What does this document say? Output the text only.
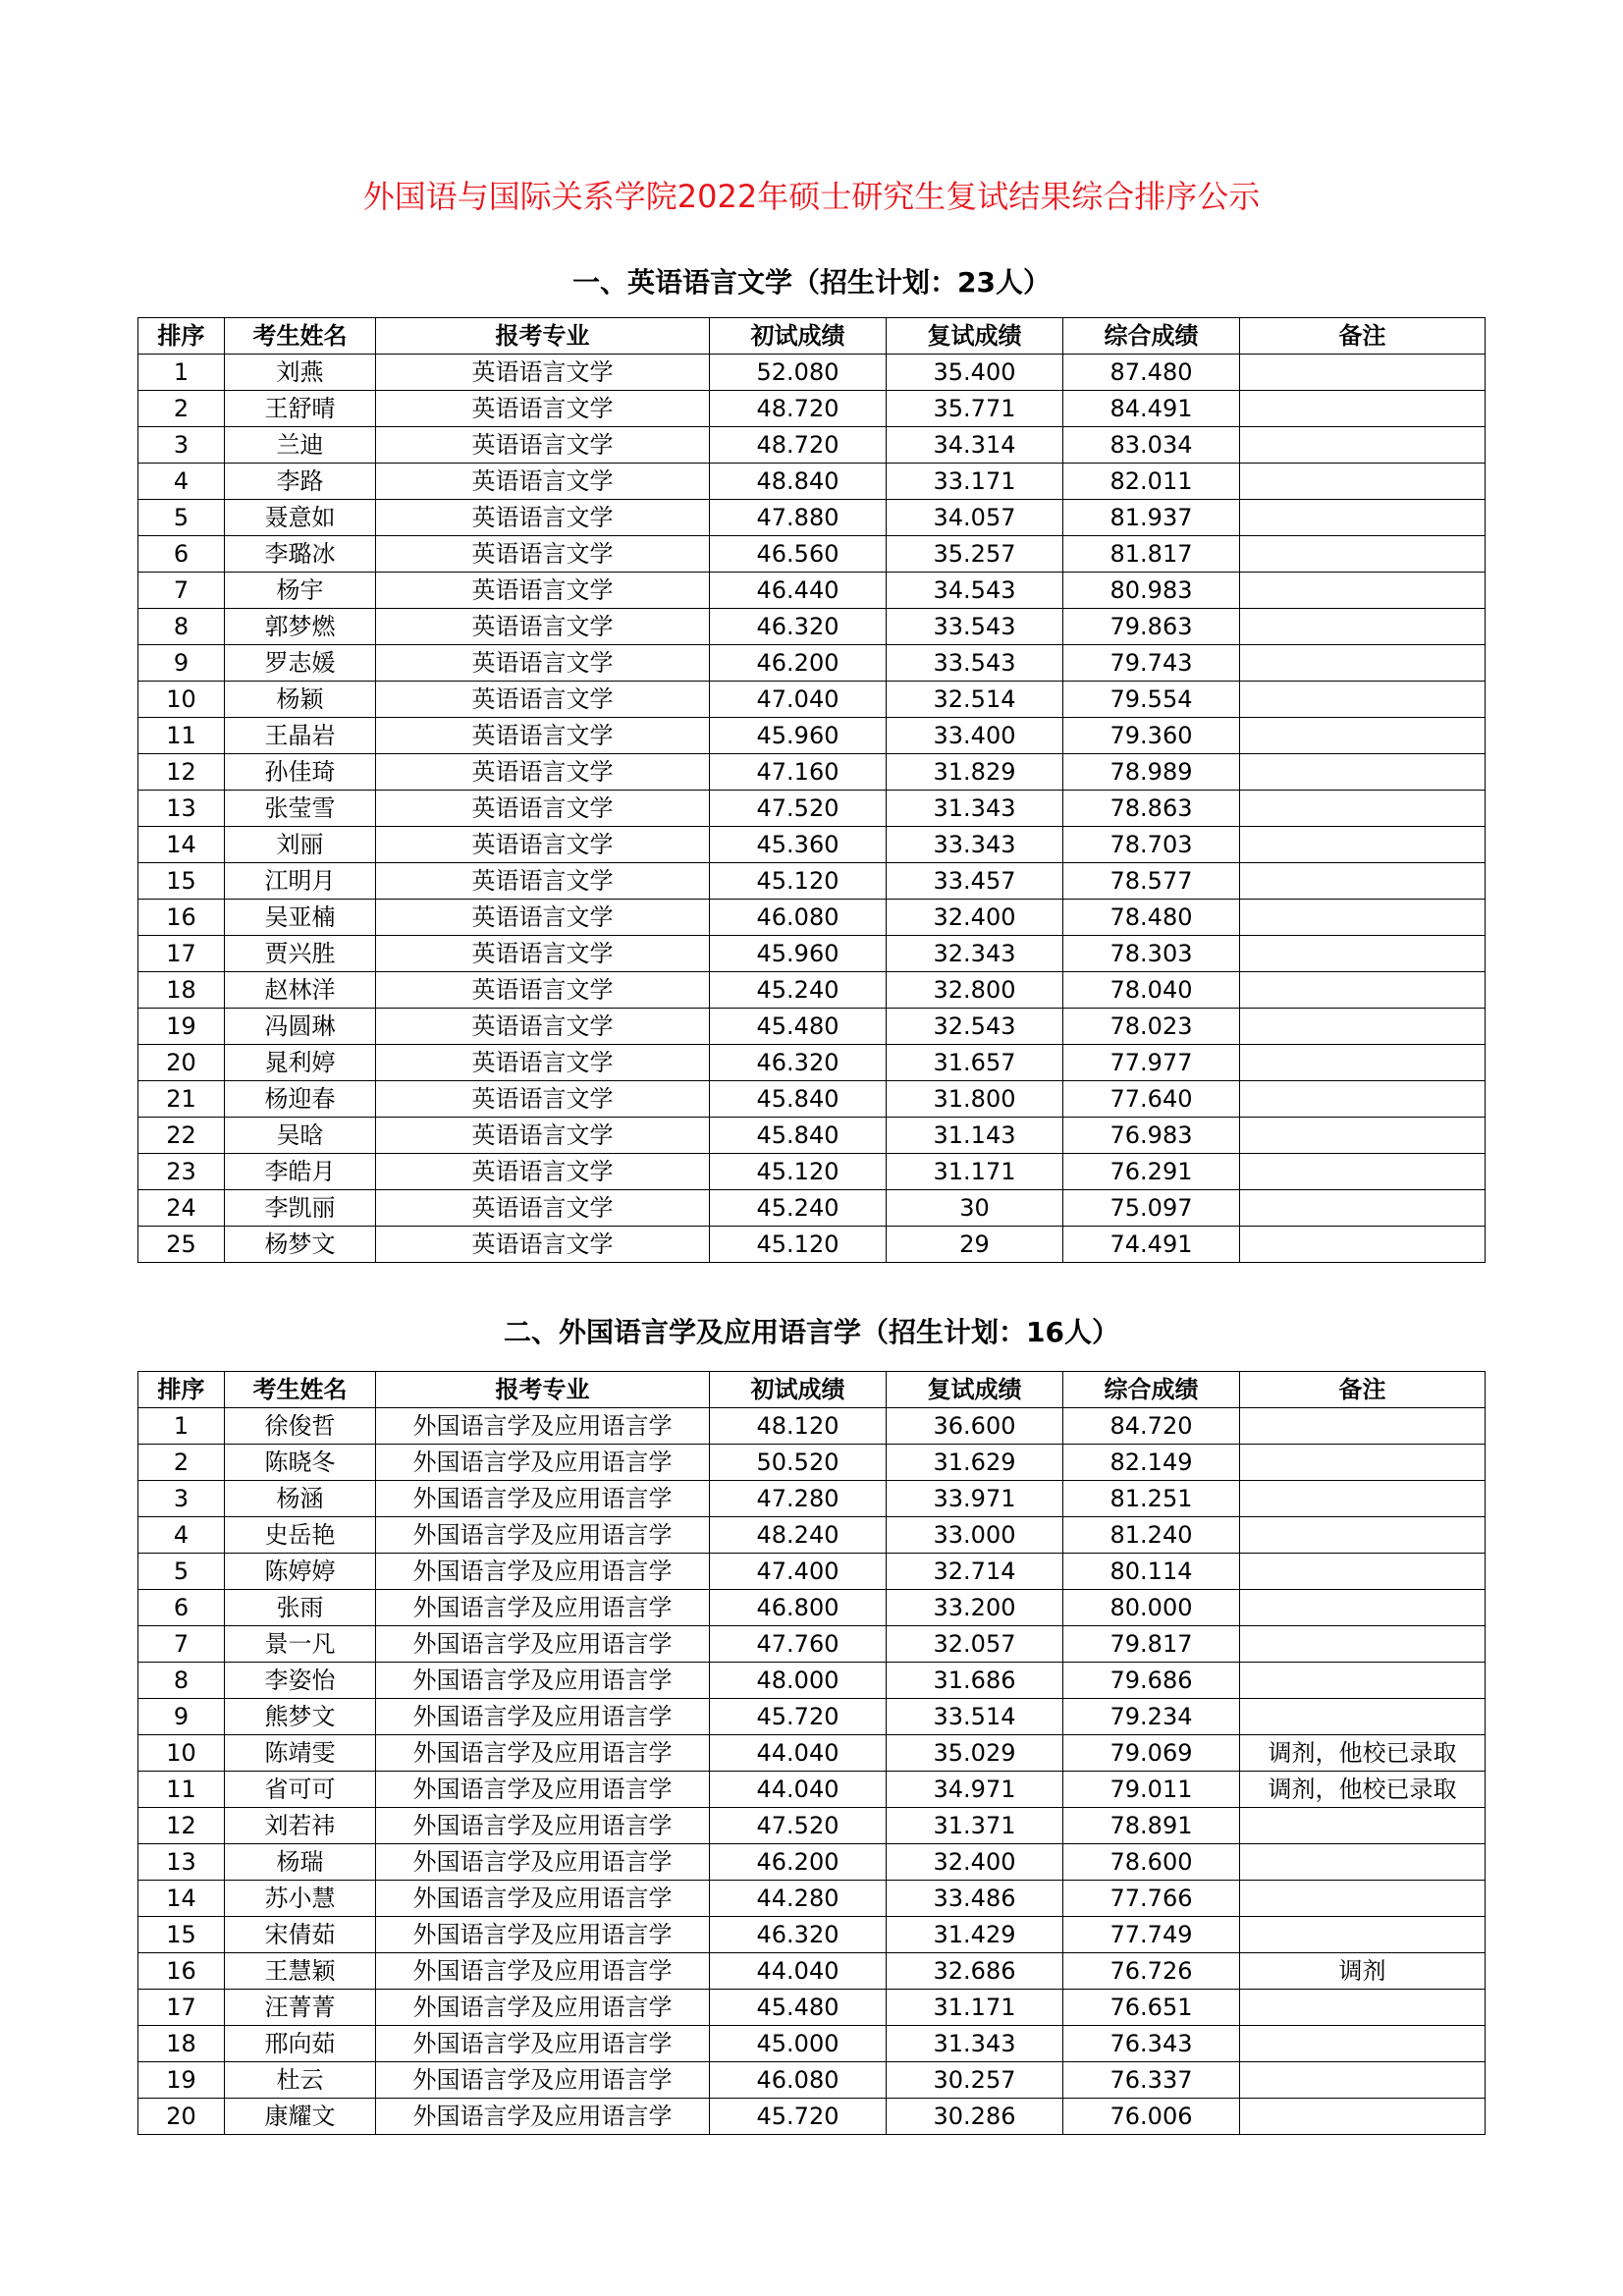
外国语与国际关系学院2022年硕士研究生复试结果综合排序公示
一、英语语言文学（招生计划：23人）
排序	考生姓名	报考专业	初试成绩	复试成绩	综合成绩	备注
1	刘燕	英语语言文学	52.080	35.400	87.480	
2	王舒晴	英语语言文学	48.720	35.771	84.491	
3	兰迪	英语语言文学	48.720	34.314	83.034	
4	李路	英语语言文学	48.840	33.171	82.011	
5	聂意如	英语语言文学	47.880	34.057	81.937	
6	李璐冰	英语语言文学	46.560	35.257	81.817	
7	杨宇	英语语言文学	46.440	34.543	80.983	
8	郭梦燃	英语语言文学	46.320	33.543	79.863	
9	罗志媛	英语语言文学	46.200	33.543	79.743	
10	杨颖	英语语言文学	47.040	32.514	79.554	
11	王晶岩	英语语言文学	45.960	33.400	79.360	
12	孙佳琦	英语语言文学	47.160	31.829	78.989	
13	张莹雪	英语语言文学	47.520	31.343	78.863	
14	刘丽	英语语言文学	45.360	33.343	78.703	
15	江明月	英语语言文学	45.120	33.457	78.577	
16	吴亚楠	英语语言文学	46.080	32.400	78.480	
17	贾兴胜	英语语言文学	45.960	32.343	78.303	
18	赵林洋	英语语言文学	45.240	32.800	78.040	
19	冯圆琳	英语语言文学	45.480	32.543	78.023	
20	晁利婷	英语语言文学	46.320	31.657	77.977	
21	杨迎春	英语语言文学	45.840	31.800	77.640	
22	吴晗	英语语言文学	45.840	31.143	76.983	
23	李皓月	英语语言文学	45.120	31.171	76.291	
24	李凯丽	英语语言文学	45.240	30	75.097	
25	杨梦文	英语语言文学	45.120	29	74.491	
二、外国语言学及应用语言学（招生计划：16人）
排序	考生姓名	报考专业	初试成绩	复试成绩	综合成绩	备注
1	徐俊哲	外国语言学及应用语言学	48.120	36.600	84.720	
2	陈晓冬	外国语言学及应用语言学	50.520	31.629	82.149	
3	杨涵	外国语言学及应用语言学	47.280	33.971	81.251	
4	史岳艳	外国语言学及应用语言学	48.240	33.000	81.240	
5	陈婷婷	外国语言学及应用语言学	47.400	32.714	80.114	
6	张雨	外国语言学及应用语言学	46.800	33.200	80.000	
7	景一凡	外国语言学及应用语言学	47.760	32.057	79.817	
8	李姿怡	外国语言学及应用语言学	48.000	31.686	79.686	
9	熊梦文	外国语言学及应用语言学	45.720	33.514	79.234	
10	陈靖雯	外国语言学及应用语言学	44.040	35.029	79.069	调剂，他校已录取
11	省可可	外国语言学及应用语言学	44.040	34.971	79.011	调剂，他校已录取
12	刘若祎	外国语言学及应用语言学	47.520	31.371	78.891	
13	杨瑞	外国语言学及应用语言学	46.200	32.400	78.600	
14	苏小慧	外国语言学及应用语言学	44.280	33.486	77.766	
15	宋倩茹	外国语言学及应用语言学	46.320	31.429	77.749	
16	王慧颖	外国语言学及应用语言学	44.040	32.686	76.726	调剂
17	汪菁菁	外国语言学及应用语言学	45.480	31.171	76.651	
18	邢向茹	外国语言学及应用语言学	45.000	31.343	76.343	
19	杜云	外国语言学及应用语言学	46.080	30.257	76.337	
20	康耀文	外国语言学及应用语言学	45.720	30.286	76.006	
